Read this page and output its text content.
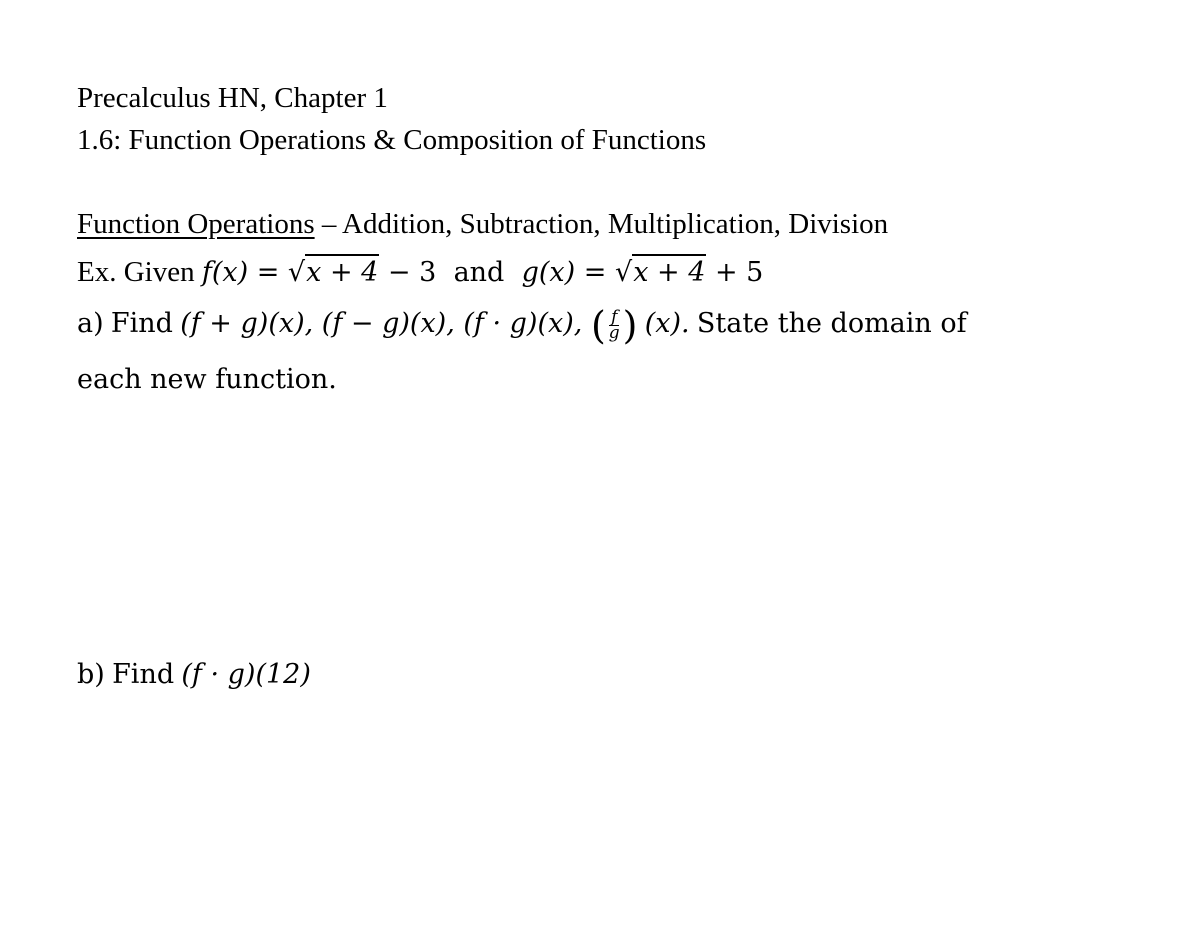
Precalculus HN, Chapter 1
1.6: Function Operations & Composition of Functions
Function Operations – Addition, Subtraction, Multiplication, Division
Ex. Given f(x) = √x + 4 − 3 and g(x) = √x + 4 + 5
a) Find (f + g)(x), (f − g)(x), (f · g)(x), ( $\frac{f}{g}$ ) (x). State the domain of
each new function.
b) Find (f · g)(12)
